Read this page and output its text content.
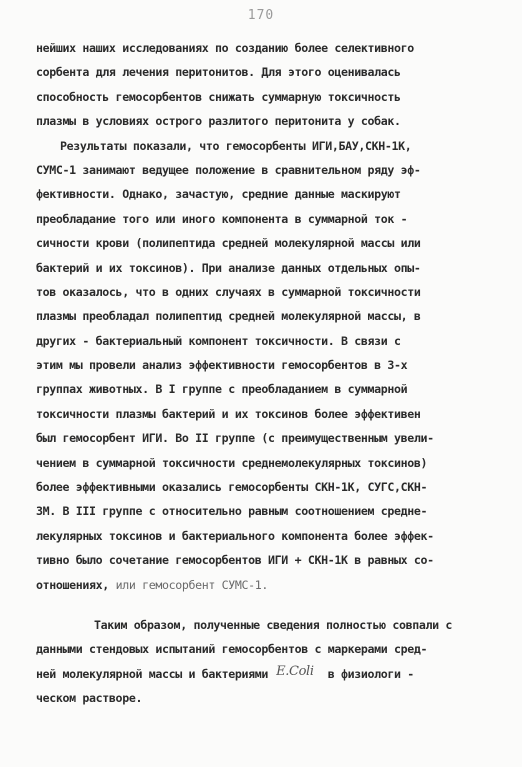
170
нейших наших исследованиях по созданию более селективного
сорбента для лечения перитонитов. Для этого оценивалась
способность гемосорбентов снижать суммарную токсичность
плазмы в условиях острого разлитого перитонита у собак.
Результаты показали, что гемосорбенты ИГИ,БАУ,СКН-1К,
СУМС-1 занимают ведущее положение в сравнительном ряду эф-
фективности. Однако, зачастую, средние данные маскируют
преобладание того или иного компонента в суммарной ток -
сичности крови (полипептида средней молекулярной массы или
бактерий и их токсинов). При анализе данных отдельных опы-
тов оказалось, что в одних случаях в суммарной токсичности
плазмы преобладал полипептид средней молекулярной массы, в
других - бактериальный компонент токсичности. В связи с
этим мы провели анализ эффективности гемосорбентов в 3-х
группах животных. В I группе с преобладанием в суммарной
токсичности плазмы бактерий и их токсинов более эффективен
был гемосорбент ИГИ. Во II группе (с преимущественным увели-
чением в суммарной токсичности среднемолекулярных токсинов)
более эффективными оказались гемосорбенты СКН-1К, СУГС,СКН-
3М. В III группе с относительно равным соотношением средне-
лекулярных токсинов и бактериального компонента более эффек-
тивно было сочетание гемосорбентов ИГИ + СКН-1К в равных со-
отношениях, или гемосорбент СУМС-1.
Таким образом, полученные сведения полностью совпали с
данными стендовых испытаний гемосорбентов с маркерами сред-
ней молекулярной массы и бактериями E.Coli в физиологи -
ческом растворе.
